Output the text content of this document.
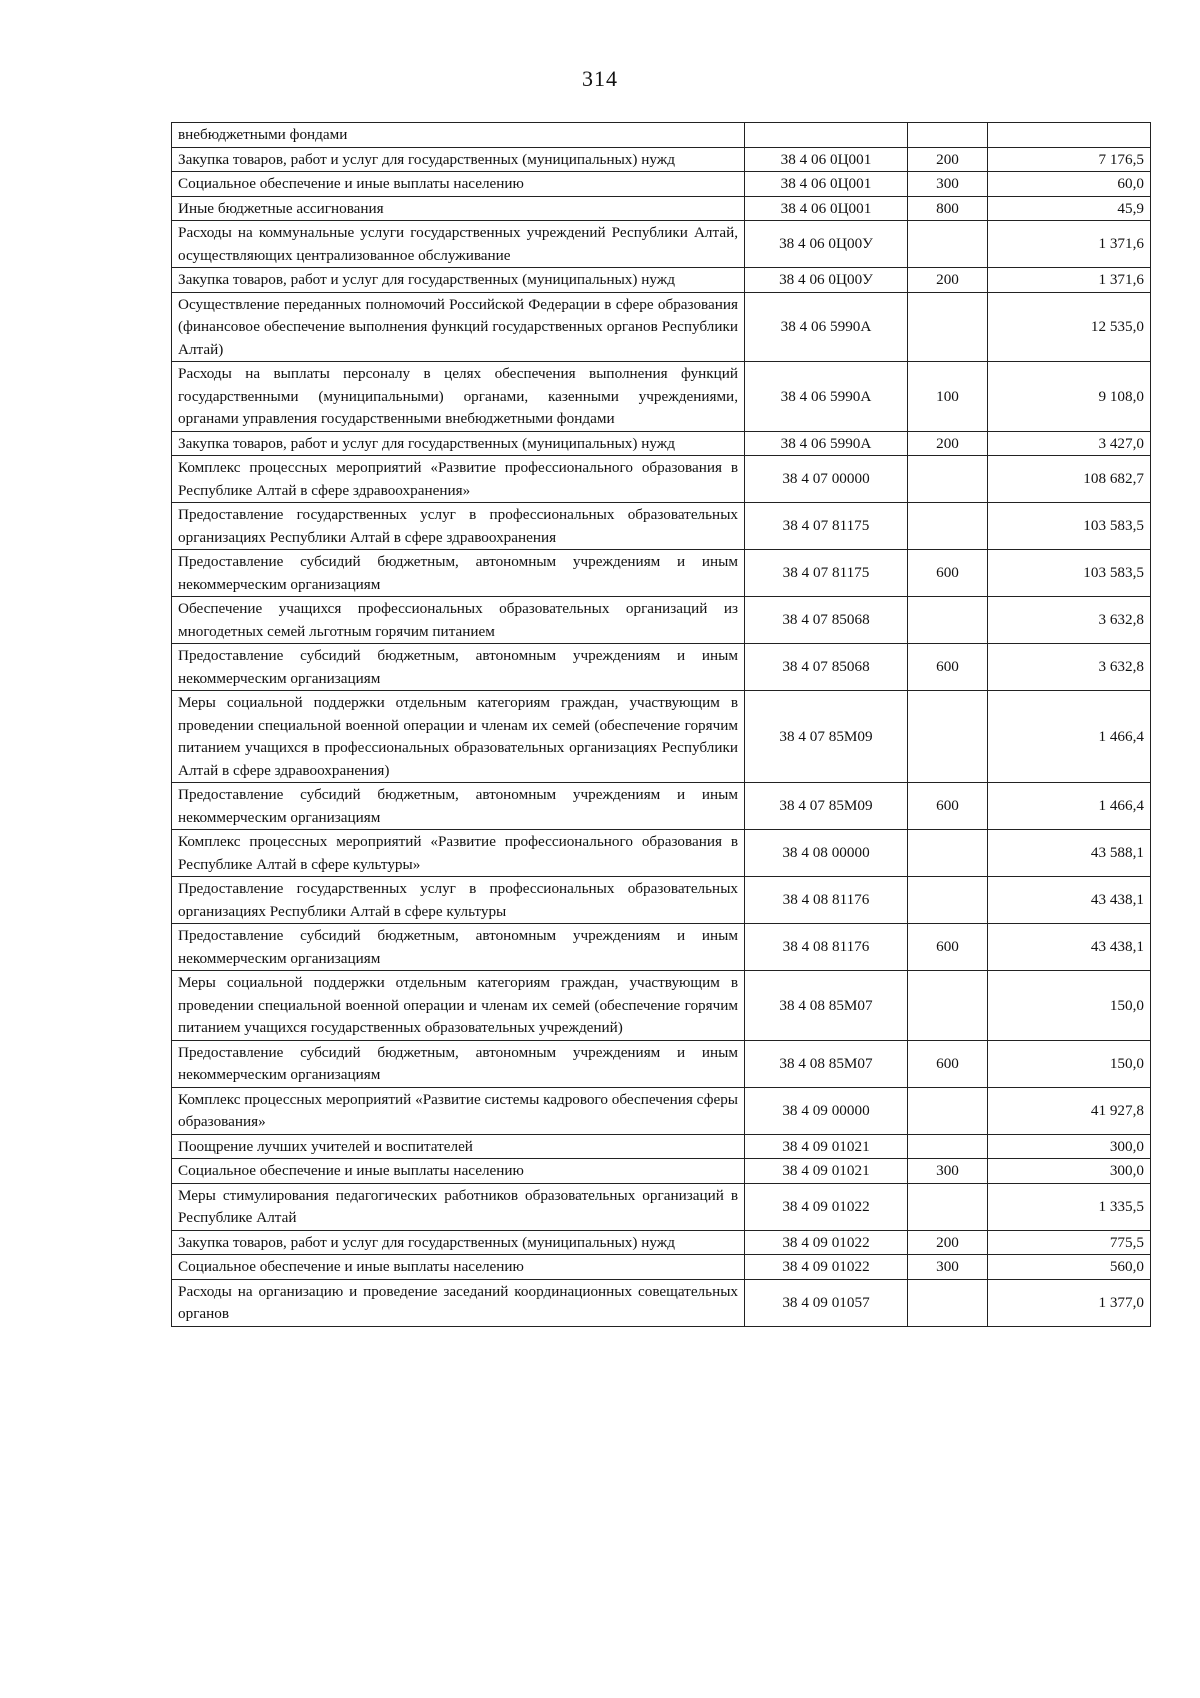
314
внебюджетными фондами			
Закупка товаров, работ и услуг для государственных (муниципальных) нужд	38 4 06 0Ц001	200	7 176,5
Социальное обеспечение и иные выплаты населению	38 4 06 0Ц001	300	60,0
Иные бюджетные ассигнования	38 4 06 0Ц001	800	45,9
Расходы на коммунальные услуги государственных учреждений Республики Алтай, осуществляющих централизованное обслуживание	38 4 06 0Ц00У		1 371,6
Закупка товаров, работ и услуг для государственных (муниципальных) нужд	38 4 06 0Ц00У	200	1 371,6
Осуществление переданных полномочий Российской Федерации в сфере образования (финансовое обеспечение выполнения функций государственных органов Республики Алтай)	38 4 06 5990А		12 535,0
Расходы на выплаты персоналу в целях обеспечения выполнения функций государственными (муниципальными) органами, казенными учреждениями, органами управления государственными внебюджетными фондами	38 4 06 5990А	100	9 108,0
Закупка товаров, работ и услуг для государственных (муниципальных) нужд	38 4 06 5990А	200	3 427,0
Комплекс процессных мероприятий «Развитие профессионального образования в Республике Алтай в сфере здравоохранения»	38 4 07 00000		108 682,7
Предоставление государственных услуг в профессиональных образовательных организациях Республики Алтай в сфере здравоохранения	38 4 07 81175		103 583,5
Предоставление субсидий бюджетным, автономным учреждениям и иным некоммерческим организациям	38 4 07 81175	600	103 583,5
Обеспечение учащихся профессиональных образовательных организаций из многодетных семей льготным горячим питанием	38 4 07 85068		3 632,8
Предоставление субсидий бюджетным, автономным учреждениям и иным некоммерческим организациям	38 4 07 85068	600	3 632,8
Меры социальной поддержки отдельным категориям граждан, участвующим в проведении специальной военной операции и членам их семей (обеспечение горячим питанием учащихся в профессиональных образовательных организациях Республики Алтай в сфере здравоохранения)	38 4 07 85М09		1 466,4
Предоставление субсидий бюджетным, автономным учреждениям и иным некоммерческим организациям	38 4 07 85М09	600	1 466,4
Комплекс процессных мероприятий «Развитие профессионального образования в Республике Алтай в сфере культуры»	38 4 08 00000		43 588,1
Предоставление государственных услуг в профессиональных образовательных организациях Республики Алтай в сфере культуры	38 4 08 81176		43 438,1
Предоставление субсидий бюджетным, автономным учреждениям и иным некоммерческим организациям	38 4 08 81176	600	43 438,1
Меры социальной поддержки отдельным категориям граждан, участвующим в проведении специальной военной операции и членам их семей (обеспечение горячим питанием учащихся государственных образовательных учреждений)	38 4 08 85М07		150,0
Предоставление субсидий бюджетным, автономным учреждениям и иным некоммерческим организациям	38 4 08 85М07	600	150,0
Комплекс процессных мероприятий «Развитие системы кадрового обеспечения сферы образования»	38 4 09 00000		41 927,8
Поощрение лучших учителей и воспитателей	38 4 09 01021		300,0
Социальное обеспечение и иные выплаты населению	38 4 09 01021	300	300,0
Меры стимулирования педагогических работников образовательных организаций в Республике Алтай	38 4 09 01022		1 335,5
Закупка товаров, работ и услуг для государственных (муниципальных) нужд	38 4 09 01022	200	775,5
Социальное обеспечение и иные выплаты населению	38 4 09 01022	300	560,0
Расходы на организацию и проведение заседаний координационных совещательных органов	38 4 09 01057		1 377,0
